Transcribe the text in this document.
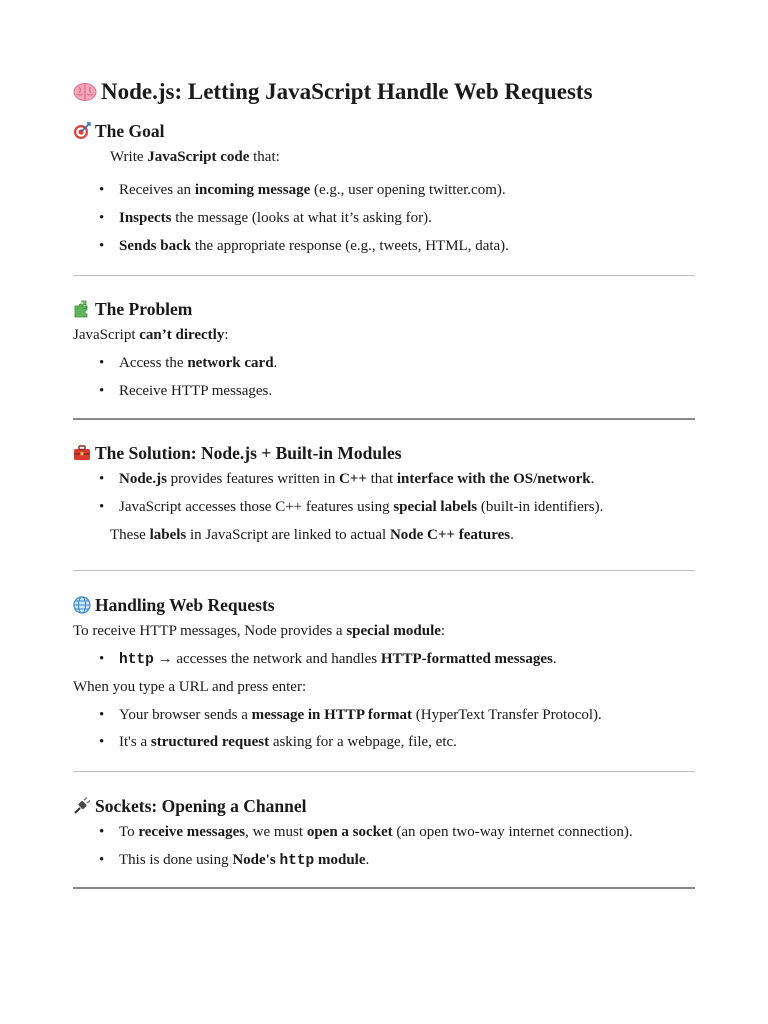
Node.js: Letting JavaScript Handle Web Requests
The Goal
Write JavaScript code that:
• Receives an incoming message (e.g., user opening twitter.com).
• Inspects the message (looks at what it’s asking for).
• Sends back the appropriate response (e.g., tweets, HTML, data).
The Problem
JavaScript can’t directly:
• Access the network card.
• Receive HTTP messages.
The Solution: Node.js + Built-in Modules
• Node.js provides features written in C++ that interface with the OS/network.
• JavaScript accesses those C++ features using special labels (built-in identifiers).
These labels in JavaScript are linked to actual Node C++ features.
Handling Web Requests
To receive HTTP messages, Node provides a special module:
• http → accesses the network and handles HTTP-formatted messages.
When you type a URL and press enter:
• Your browser sends a message in HTTP format (HyperText Transfer Protocol).
• It's a structured request asking for a webpage, file, etc.
Sockets: Opening a Channel
• To receive messages, we must open a socket (an open two-way internet connection).
• This is done using Node's http module.
